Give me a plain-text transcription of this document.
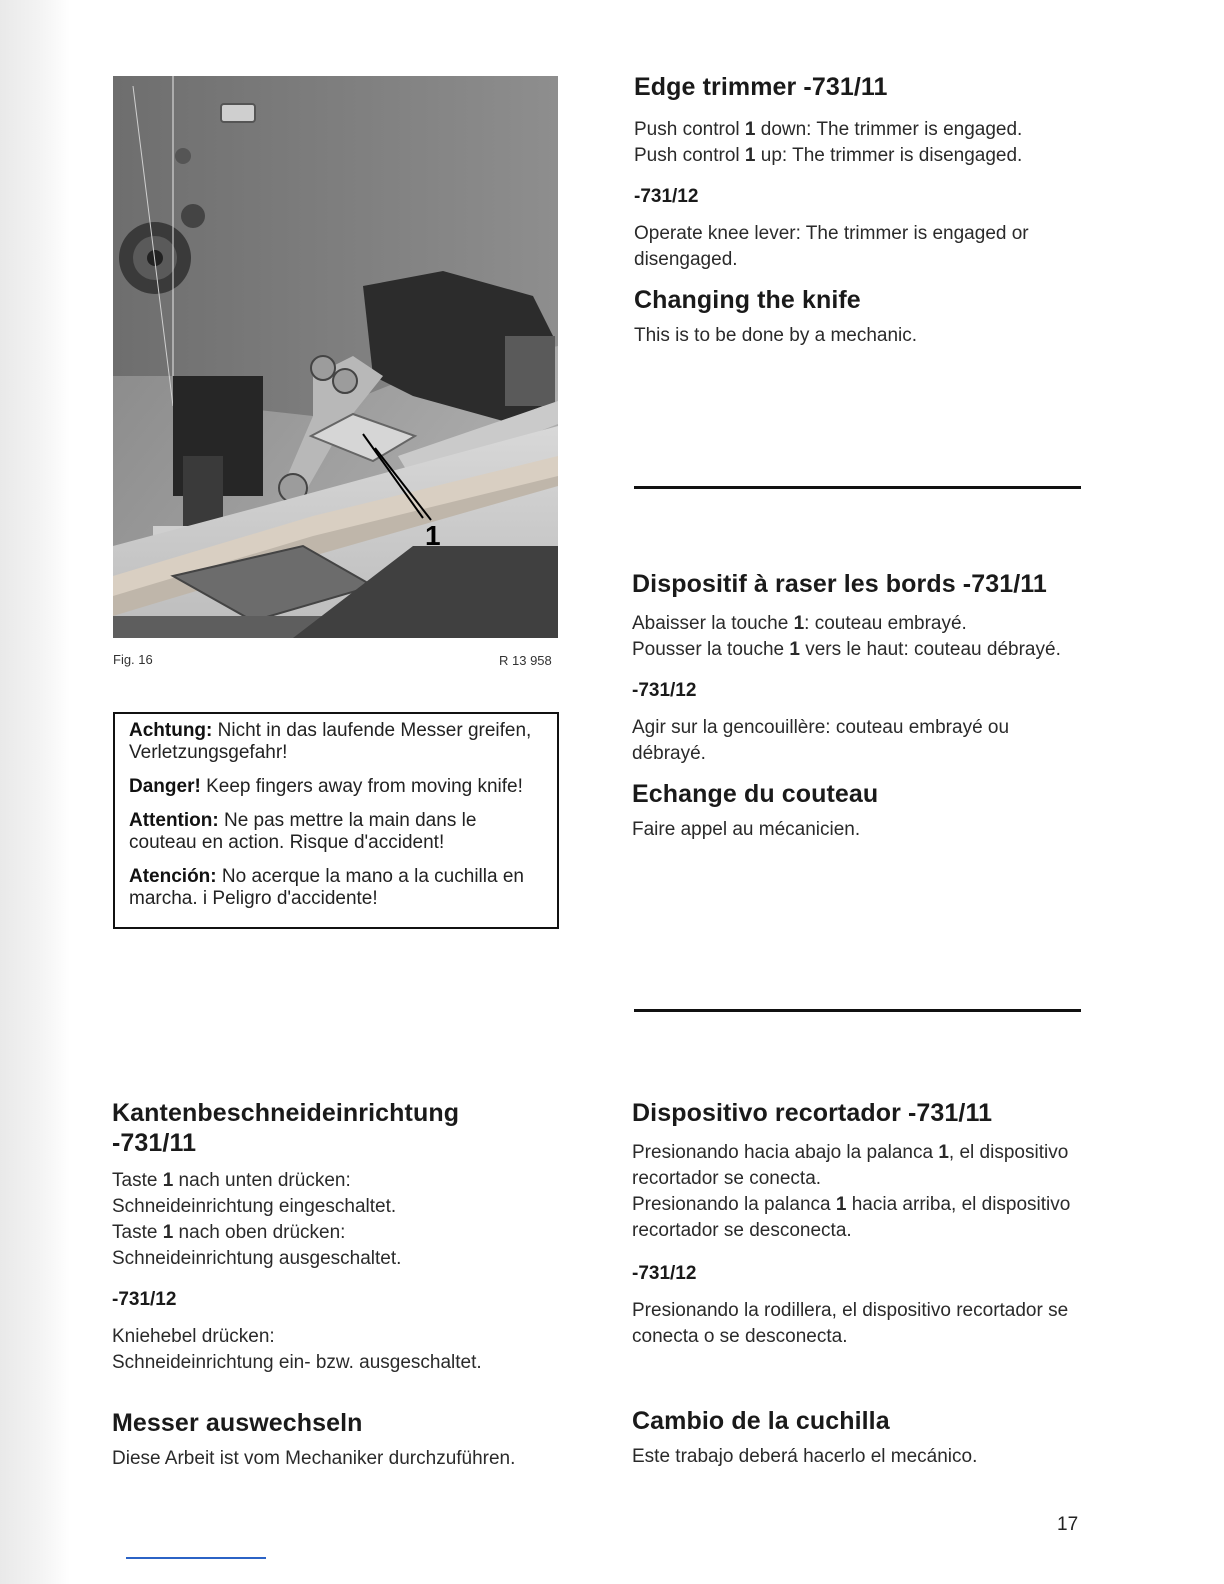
1
Fig. 16	R 13 958

Achtung: Nicht in das laufende Messer greifen, Verletzungsgefahr!

Danger! Keep fingers away from moving knife!

Attention: Ne pas mettre la main dans le couteau en action. Risque d'accident!

Atención: No acerque la mano a la cuchilla en marcha. i Peligro d'accidente!

Edge trimmer -731/11

Push control 1 down: The trimmer is engaged.

Push control 1 up: The trimmer is disengaged.

-731/12

Operate knee lever: The trimmer is engaged or disengaged.

Changing the knife

This is to be done by a mechanic.

Dispositif à raser les bords -731/11

Abaisser la touche 1: couteau embrayé.

Pousser la touche 1 vers le haut: couteau débrayé.

-731/12

Agir sur la gencouillère: couteau embrayé ou débrayé.

Echange du couteau

Faire appel au mécanicien.

Kantenbeschneideinrichtung
-731/11

Taste 1 nach unten drücken:

Schneideinrichtung eingeschaltet.

Taste 1 nach oben drücken:

Schneideinrichtung ausgeschaltet.

-731/12

Kniehebel drücken:

Schneideinrichtung ein- bzw. ausgeschaltet.

Messer auswechseln

Diese Arbeit ist vom Mechaniker durchzuführen.

Dispositivo recortador -731/11

Presionando hacia abajo la palanca 1, el dispositivo recortador se conecta.

Presionando la palanca 1 hacia arriba, el dispositivo recortador se desconecta.

-731/12

Presionando la rodillera, el dispositivo recortador se conecta o se desconecta.

Cambio de la cuchilla

Este trabajo deberá hacerlo el mecánico.

17
